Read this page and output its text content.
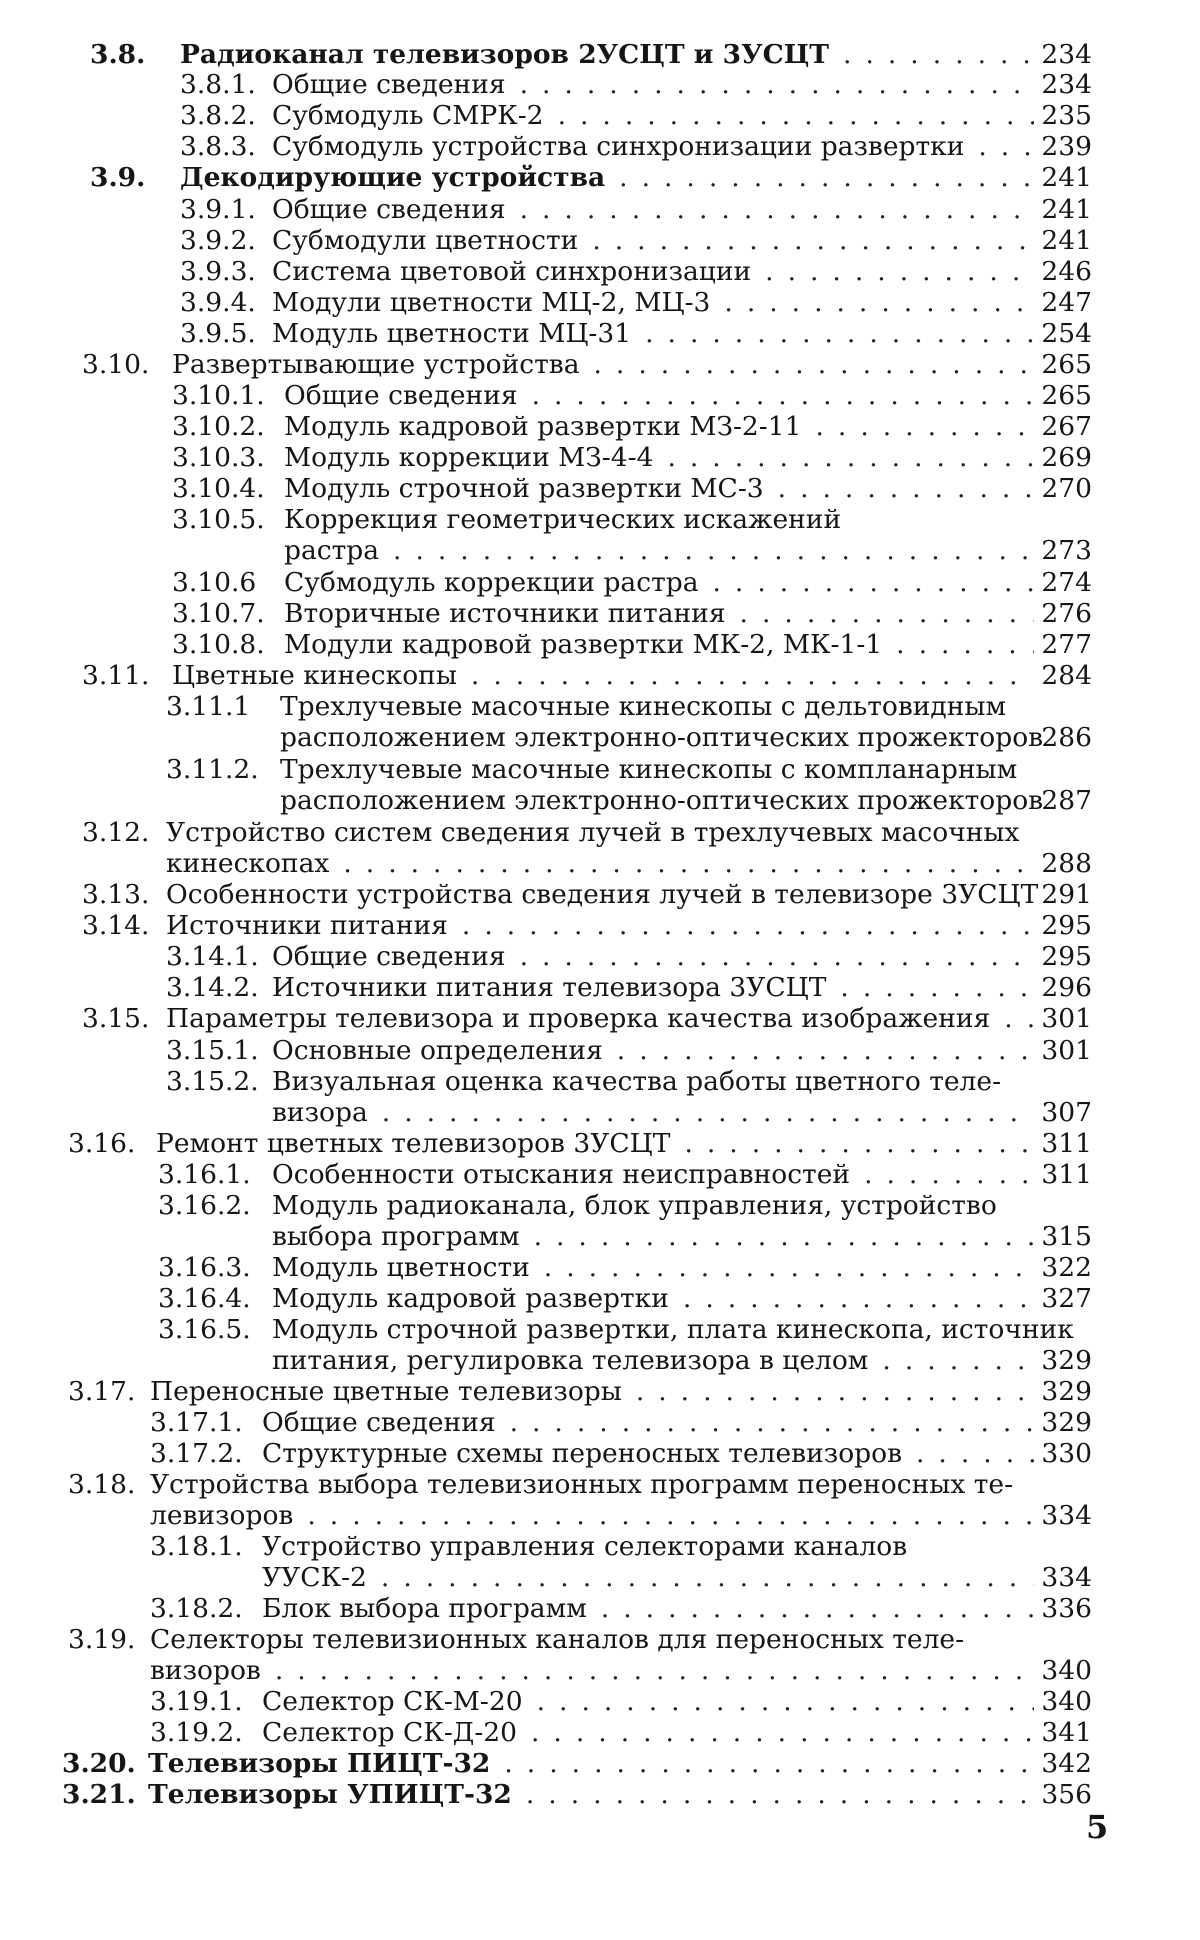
3.8. Радиоканал телевизоров 2УСЦТ и 3УСЦТ	234
........
3.8.1. Общие сведения	234
.......................
3.8.2. Субмодуль СМРК-2	235
.....................
3.8.3. Субмодуль устройства синхронизации развертки	239
..
3.9. Декодирующие устройства	241
....................
3.9.1. Общие сведения	241
.......................
3.9.2. Субмодули цветности	241
....................
3.9.3. Система цветовой синхронизации	246
............
3.9.4. Модули цветности МЦ-2, МЦ-3	247
.............
3.9.5. Модуль цветности МЦ-31	254
.................
3.10. Развертывающие устройства	265
....................
3.10.1. Общие сведения	265
......................
3.10.2. Модуль кадровой развертки МЗ-2-11	267
..........
3.10.3. Модуль коррекции МЗ-4-4	269
................
3.10.4. Модуль строчной развертки МС-3	270
...........
3.10.5. Коррекция геометрических искажений
растра	273
............................
3.10.6 Субмодуль коррекции растра	274
..............
3.10.7. Вторичные источники питания	276
.............
3.10.8. Модули кадровой развертки МК-2, МК-1-1	277
......
3.11. Цветные кинескопы	284
.........................
3.11.1 Трехлучевые масочные кинескопы с дельтовидным
расположением электронно-оптических прожекторов
286
3.11.2. Трехлучевые масочные кинескопы с компланарным
расположением электронно-оптических прожекторов
287
3.12. Устройство систем сведения лучей в трехлучевых масочных
кинескопах	288
..............................
3.13. Особенности устройства сведения лучей в телевизоре 3УСЦТ 291
3.14. Источники питания	295
.........................
3.14.1. Общие сведения	295
.......................
3.14.2. Источники питания телевизора 3УСЦТ	296
........
3.15. Параметры телевизора и проверка качества изображения 301
.
3.15.1. Основные определения	301
....................
3.15.2. Визуальная оценка качества работы цветного теле-
визора	307
..............................
3.16. Ремонт цветных телевизоров 3УСЦТ	311
...............
3.16.1. Особенности отыскания неисправностей	311
.......
3.16.2. Модуль радиоканала, блок управления, устройство
выбора программ	315
......................
3.16.3. Модуль цветности	322
......................
3.16.4. Модуль кадровой развертки	327
...............
3.16.5. Модуль строчной развертки, плата кинескопа, источник
питания, регулировка телевизора в целом	329
......
3.17. Переносные цветные телевизоры	329
.................
3.17.1. Общие сведения	329
.......................
3.17.2. Структурные схемы переносных телевизоров	330
.....
3.18. Устройства выбора телевизионных программ переносных те-
левизоров	334
................................
3.18.1. Устройство управления селекторами каналов
УУСК-2	334
..............................
3.18.2. Блок выбора программ	336
....................
3.19. Селекторы телевизионных каналов для переносных теле-
визоров	340
.................................
3.19.1. Селектор СК-М-20	340
......................
3.19.2. Селектор СК-Д-20	341
......................
3.20. Телевизоры ПИЦТ-32	342
.......................
3.21. Телевизоры УПИЦТ-32	356
......................
5
